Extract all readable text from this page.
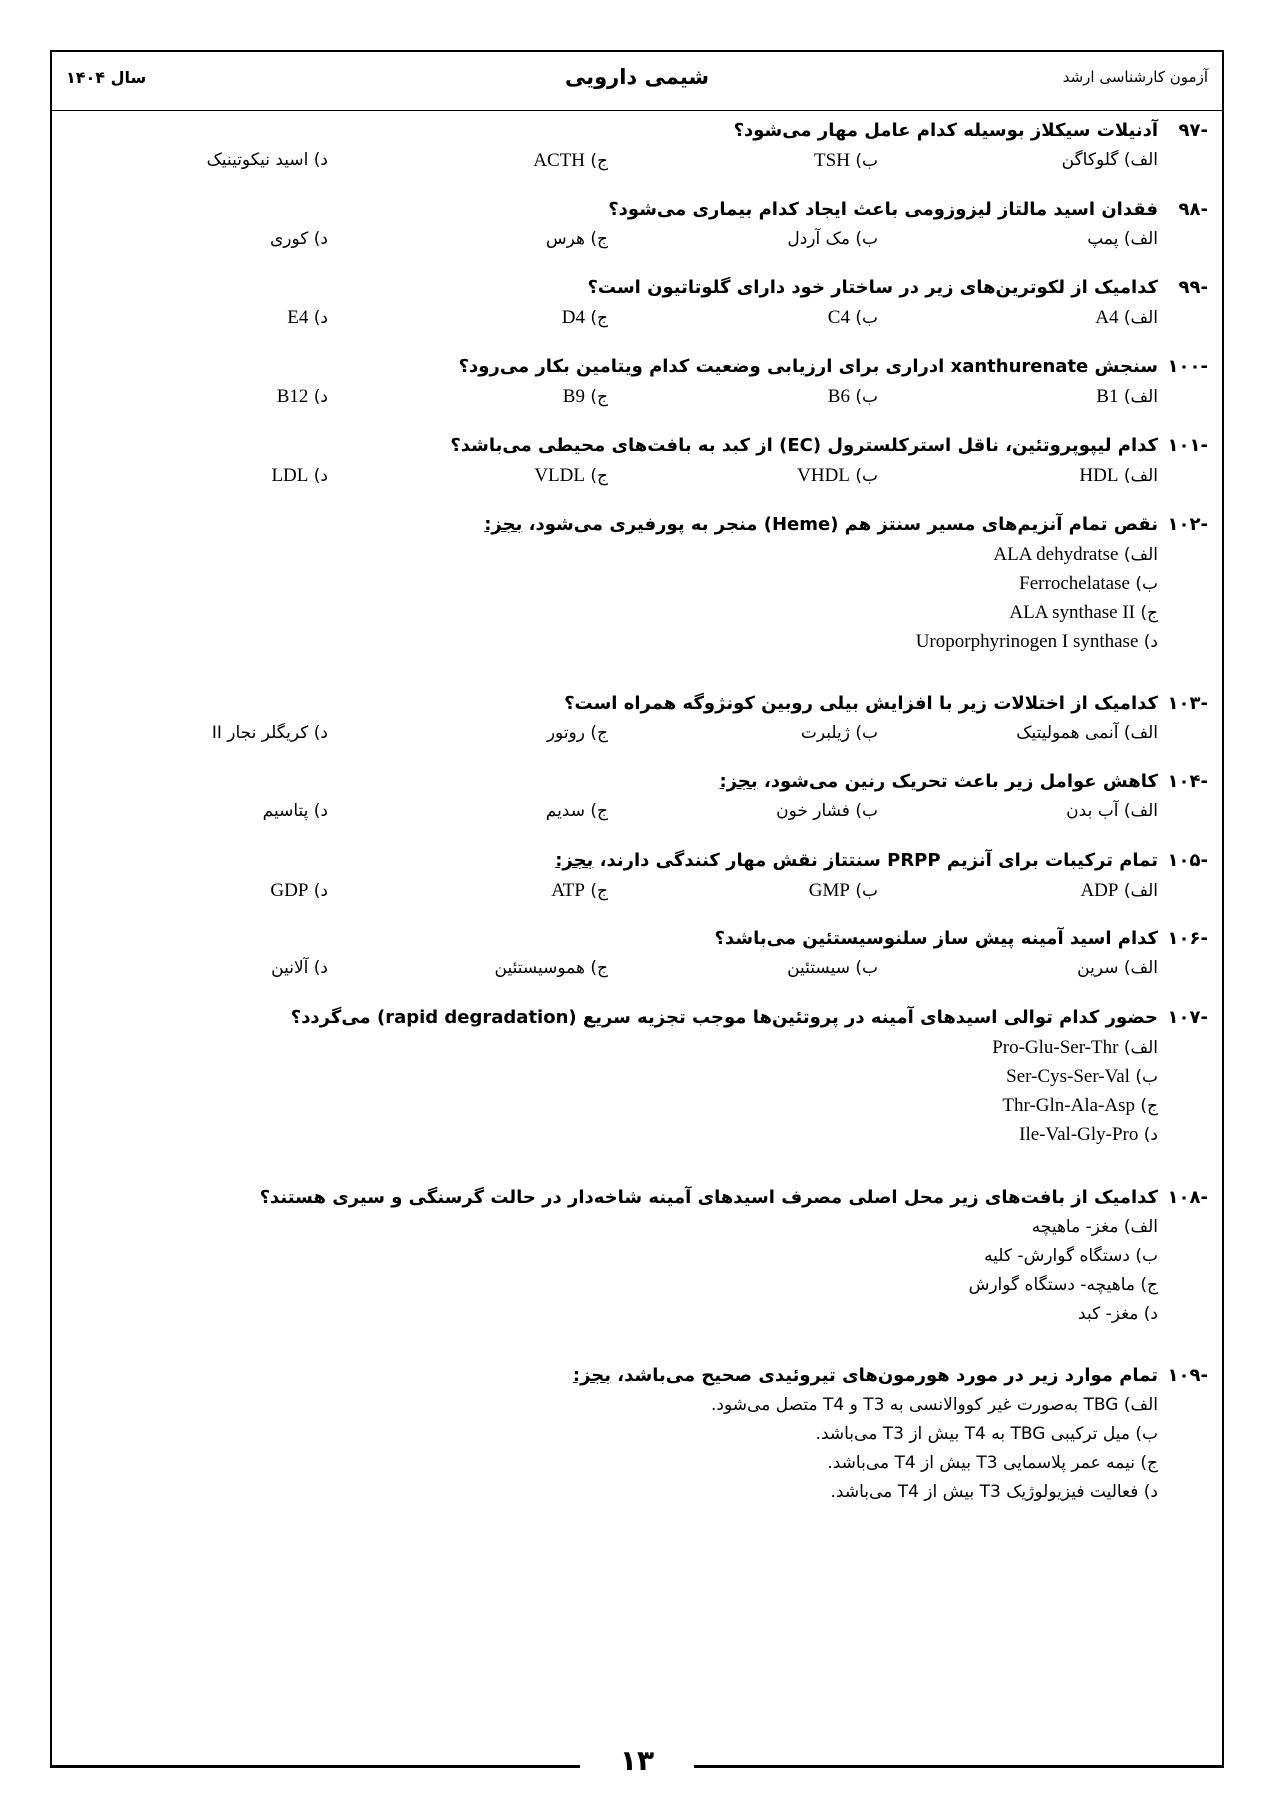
سال ۱۴۰۴	شیمی دارویی	آزمون کارشناسی ارشد
-۹۷
آدنیلات سیکلاز بوسیله کدام عامل مهار می‌شود؟
الف) گلوکاگن
ب) TSH
ج) ACTH
د) اسید نیکوتینیک
-۹۸
فقدان اسید مالتاز لیزوزومی باعث ایجاد کدام بیماری می‌شود؟
الف) پمپ
ب) مک آردل
ج) هرس
د) کوری
-۹۹
کدامیک از لکوترین‌های زیر در ساختار خود دارای گلوتاتیون است؟
الف) A4
ب) C4
ج) D4
د) E4
-۱۰۰
سنجش xanthurenate ادراری برای ارزیابی وضعیت کدام ویتامین بکار می‌رود؟
الف) B1
ب) B6
ج) B9
د) B12
-۱۰۱
کدام لیپوپروتئین، ناقل استرکلسترول (EC) از کبد به بافت‌های محیطی می‌باشد؟
الف) HDL
ب) VHDL
ج) VLDL
د) LDL
-۱۰۲
نقص تمام آنزیم‌های مسیر سنتز هم (Heme) منجر به پورفیری می‌شود، بجز:
الف) ALA dehydratse
ب) Ferrochelatase
ج) ALA synthase II
د) Uroporphyrinogen I synthase
-۱۰۳
کدامیک از اختلالات زیر با افزایش بیلی روبین کونژوگه همراه است؟
الف) آنمی همولیتیک
ب) ژیلبرت
ج) روتور
د) کریگلر نجار II
-۱۰۴
کاهش عوامل زیر باعث تحریک رنین می‌شود، بجز:
الف) آب بدن
ب) فشار خون
ج) سدیم
د) پتاسیم
-۱۰۵
تمام ترکیبات برای آنزیم PRPP سنتتاز نقش مهار کنندگی دارند، بجز:
الف) ADP
ب) GMP
ج) ATP
د) GDP
-۱۰۶
کدام اسید آمینه پیش ساز سلنوسیستئین می‌باشد؟
الف) سرین
ب) سیستئین
ج) هموسیستئین
د) آلانین
-۱۰۷
حضور کدام توالی اسیدهای آمینه در پروتئین‌ها موجب تجزیه سریع (rapid degradation) می‌گردد؟
الف) Pro-Glu-Ser-Thr
ب) Ser-Cys-Ser-Val
ج) Thr-Gln-Ala-Asp
د) Ile-Val-Gly-Pro
-۱۰۸
کدامیک از بافت‌های زیر محل اصلی مصرف اسیدهای آمینه شاخه‌دار در حالت گرسنگی و سیری هستند؟
الف) مغز- ماهیچه
ب) دستگاه گوارش- کلیه
ج) ماهیچه- دستگاه گوارش
د) مغز- کبد
-۱۰۹
تمام موارد زیر در مورد هورمون‌های تیروئیدی صحیح می‌باشد، بجز:
الف) TBG به‌صورت غیر کووالانسی به T3 و T4 متصل می‌شود.
ب) میل ترکیبی TBG به T4 بیش از T3 می‌باشد.
ج) نیمه عمر پلاسمایی T3 بیش از T4 می‌باشد.
د) فعالیت فیزیولوژیک T3 بیش از T4 می‌باشد.
۱۳
